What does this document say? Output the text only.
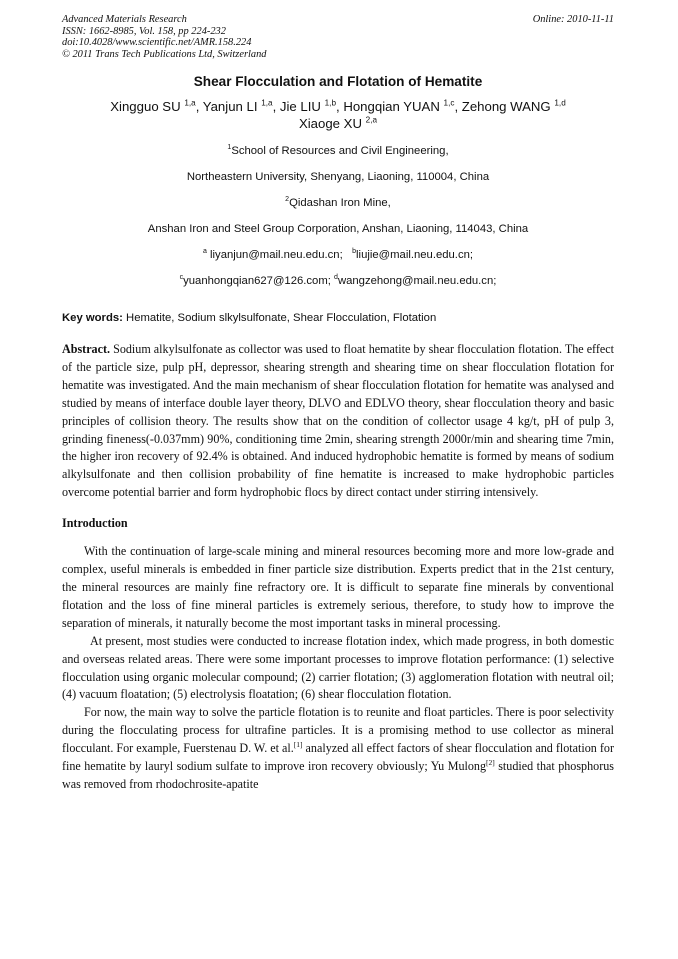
Advanced Materials Research
ISSN: 1662-8985, Vol. 158, pp 224-232
doi:10.4028/www.scientific.net/AMR.158.224
© 2011 Trans Tech Publications Ltd, Switzerland
Online: 2010-11-11
Shear Flocculation and Flotation of Hematite
Xingguo SU $^{1,a}$, Yanjun LI $^{1,a}$, Jie LIU $^{1,b}$, Hongqian YUAN $^{1,c}$, Zehong WANG $^{1,d}$
Xiaoge XU $^{2,a}$
$^1$School of Resources and Civil Engineering,
Northeastern University, Shenyang, Liaoning, 110004, China
$^2$Qidashan Iron Mine,
Anshan Iron and Steel Group Corporation, Anshan, Liaoning, 114043, China
$^a$ liyanjun@mail.neu.edu.cn; $^b$liujie@mail.neu.edu.cn;
$^c$yuanhongqian627@126.com; $^d$wangzehong@mail.neu.edu.cn;
Key words: Hematite, Sodium slkylsulfonate, Shear Flocculation, Flotation
Abstract. Sodium alkylsulfonate as collector was used to float hematite by shear flocculation flotation. The effect of the particle size, pulp pH, depressor, shearing strength and shearing time on shear flocculation flotation for hematite was investigated. And the main mechanism of shear flocculation flotation for hematite was analysed and studied by means of interface double layer theory, DLVO and EDLVO theory, shear flocculation theory and basic principles of collision theory. The results show that on the condition of collector usage 4 kg/t, pH of pulp 3, grinding fineness(-0.037mm) 90%, conditioning time 2min, shearing strength 2000r/min and shearing time 7min, the higher iron recovery of 92.4% is obtained. And induced hydrophobic hematite is formed by means of sodium alkylsulfonate and then collision probability of fine hematite is increased to make hydrophobic particles overcome potential barrier and form hydrophobic flocs by direct contact under stirring intensively.
Introduction

With the continuation of large-scale mining and mineral resources becoming more and more low-grade and complex, useful minerals is embedded in finer particle size distribution. Experts predict that in the 21st century, the mineral resources are mainly fine refractory ore. It is difficult to separate fine minerals by conventional flotation and the loss of fine mineral particles is extremely serious, therefore, to study how to improve the separation of minerals, it naturally become the most important tasks in mineral processing.

At present, most studies were conducted to increase flotation index, which made progress, in both domestic and overseas related areas. There were some important processes to improve flotation performance: (1) selective flocculation using organic molecular compound; (2) carrier flotation; (3) agglomeration flotation with neutral oil; (4) vacuum floatation; (5) electrolysis floatation; (6) shear flocculation flotation.

For now, the main way to solve the particle flotation is to reunite and float particles. There is poor selectivity during the flocculating process for ultrafine particles. It is a promising method to use collector as mineral flocculant. For example, Fuerstenau D. W. et al.[1] analyzed all effect factors of shear flocculation and flotation for fine hematite by lauryl sodium sulfate to improve iron recovery obviously; Yu Mulong[2] studied that phosphorus was removed from rhodochrosite-apatite
